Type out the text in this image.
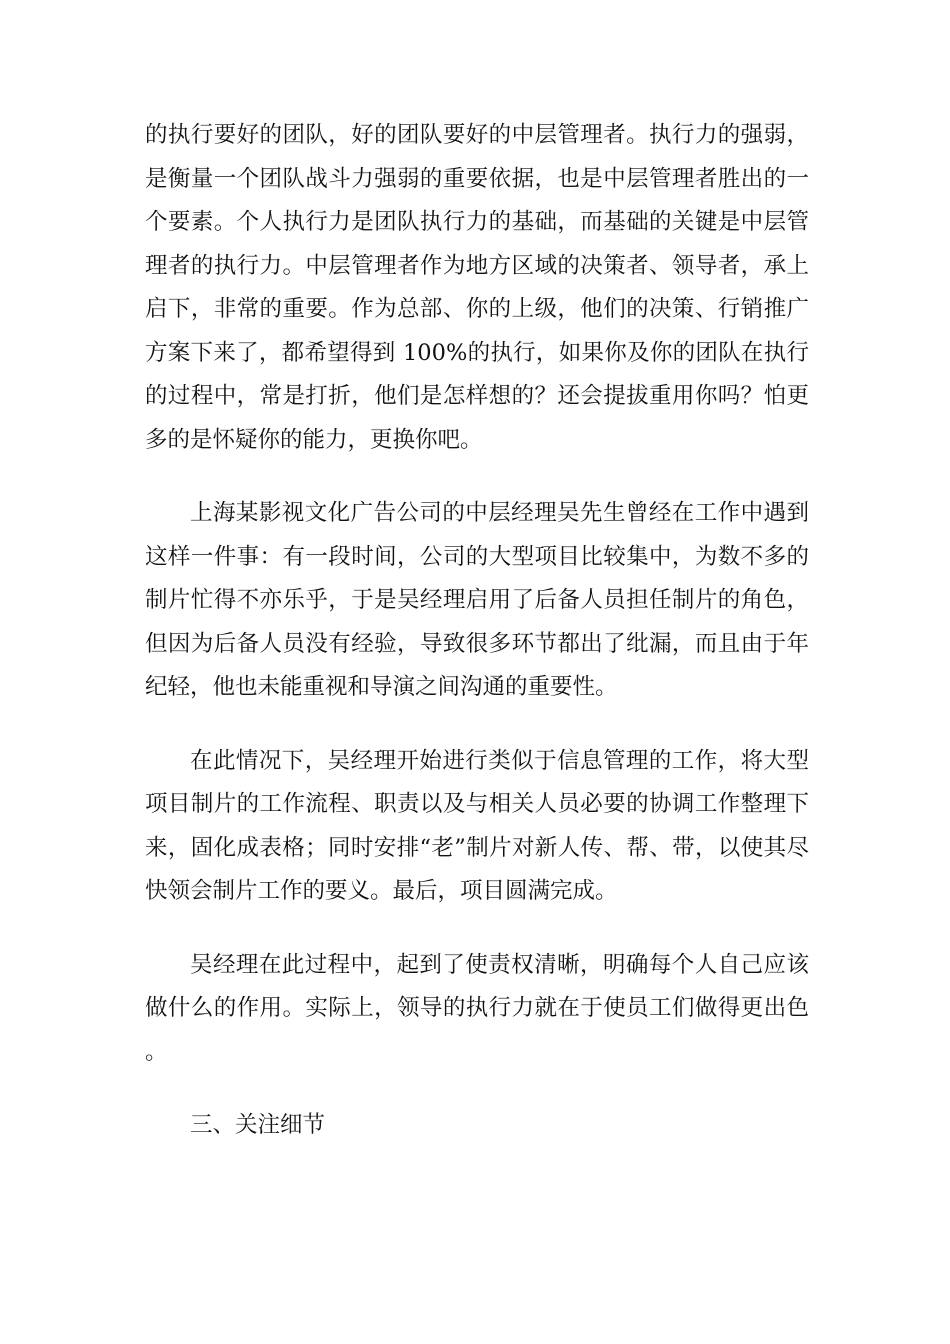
的执行要好的团队，好的团队要好的中层管理者。执行力的强弱，是衡量一个团队战斗力强弱的重要依据，也是中层管理者胜出的一个要素。个人执行力是团队执行力的基础，而基础的关键是中层管理者的执行力。中层管理者作为地方区域的决策者、领导者，承上启下，非常的重要。作为总部、你的上级，他们的决策、行销推广方案下来了，都希望得到 100%的执行，如果你及你的团队在执行的过程中，常是打折，他们是怎样想的？还会提拔重用你吗？怕更多的是怀疑你的能力，更换你吧。

上海某影视文化广告公司的中层经理吴先生曾经在工作中遇到这样一件事：有一段时间，公司的大型项目比较集中，为数不多的制片忙得不亦乐乎，于是吴经理启用了后备人员担任制片的角色，但因为后备人员没有经验，导致很多环节都出了纰漏，而且由于年纪轻，他也未能重视和导演之间沟通的重要性。

在此情况下，吴经理开始进行类似于信息管理的工作，将大型项目制片的工作流程、职责以及与相关人员必要的协调工作整理下来，固化成表格；同时安排“老”制片对新人传、帮、带，以使其尽快领会制片工作的要义。最后，项目圆满完成。

吴经理在此过程中，起到了使责权清晰，明确每个人自己应该做什么的作用。实际上，领导的执行力就在于使员工们做得更出色。

三、关注细节
